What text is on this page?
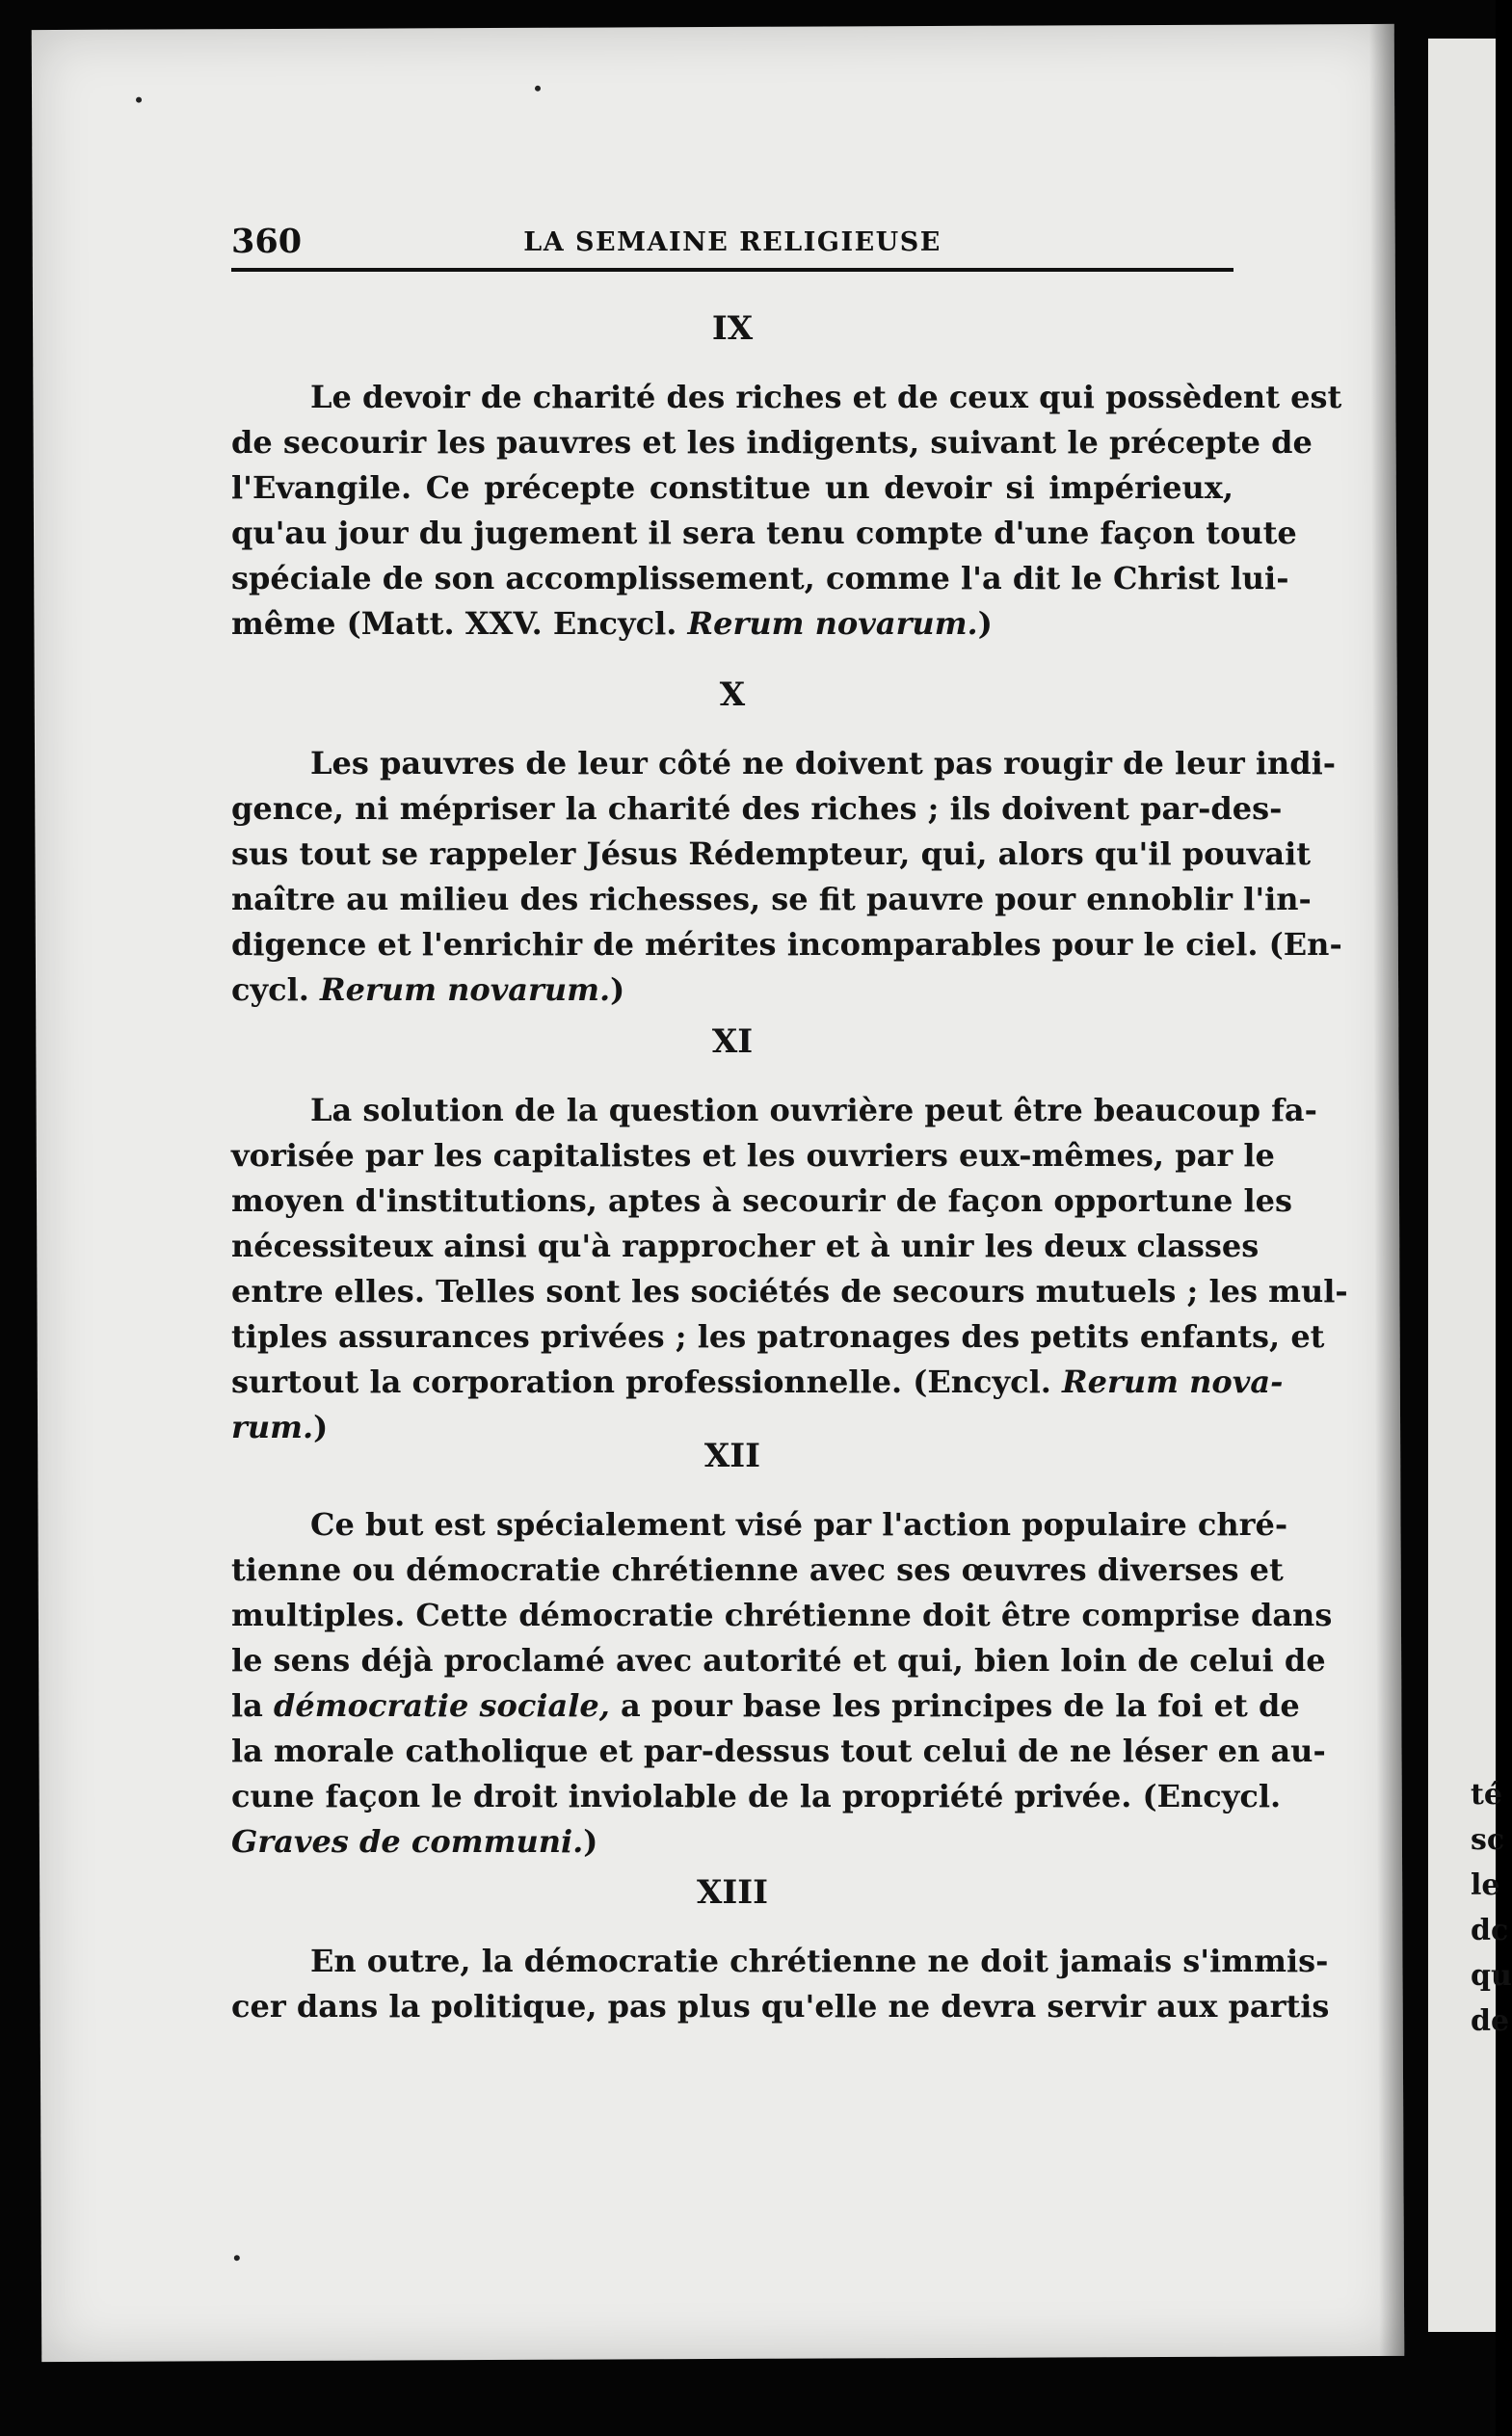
360	LA SEMAINE RELIGIEUSE
IX
Le devoir de charité des riches et de ceux qui possèdent est
de secourir les pauvres et les indigents, suivant le précepte de
l'Evangile. Ce précepte constitue un devoir si impérieux,
qu'au jour du jugement il sera tenu compte d'une façon toute
spéciale de son accomplissement, comme l'a dit le Christ lui-
même (Matt. XXV. Encycl. Rerum novarum.)
X
Les pauvres de leur côté ne doivent pas rougir de leur indi-
gence, ni mépriser la charité des riches ; ils doivent par-des-
sus tout se rappeler Jésus Rédempteur, qui, alors qu'il pouvait
naître au milieu des richesses, se fit pauvre pour ennoblir l'in-
digence et l'enrichir de mérites incomparables pour le ciel. (En-
cycl. Rerum novarum.)
XI
La solution de la question ouvrière peut être beaucoup fa-
vorisée par les capitalistes et les ouvriers eux-mêmes, par le
moyen d'institutions, aptes à secourir de façon opportune les
nécessiteux ainsi qu'à rapprocher et à unir les deux classes
entre elles. Telles sont les sociétés de secours mutuels ; les mul-
tiples assurances privées ; les patronages des petits enfants, et
surtout la corporation professionnelle. (Encycl. Rerum nova-
rum.)
XII
Ce but est spécialement visé par l'action populaire chré-
tienne ou démocratie chrétienne avec ses œuvres diverses et
multiples. Cette démocratie chrétienne doit être comprise dans
le sens déjà proclamé avec autorité et qui, bien loin de celui de
la démocratie sociale, a pour base les principes de la foi et de
la morale catholique et par-dessus tout celui de ne léser en au-
cune façon le droit inviolable de la propriété privée. (Encycl.
Graves de communi.)
XIII
En outre, la démocratie chrétienne ne doit jamais s'immis-
cer dans la politique, pas plus qu'elle ne devra servir aux partis
té
sc
le
dc
qu
de
